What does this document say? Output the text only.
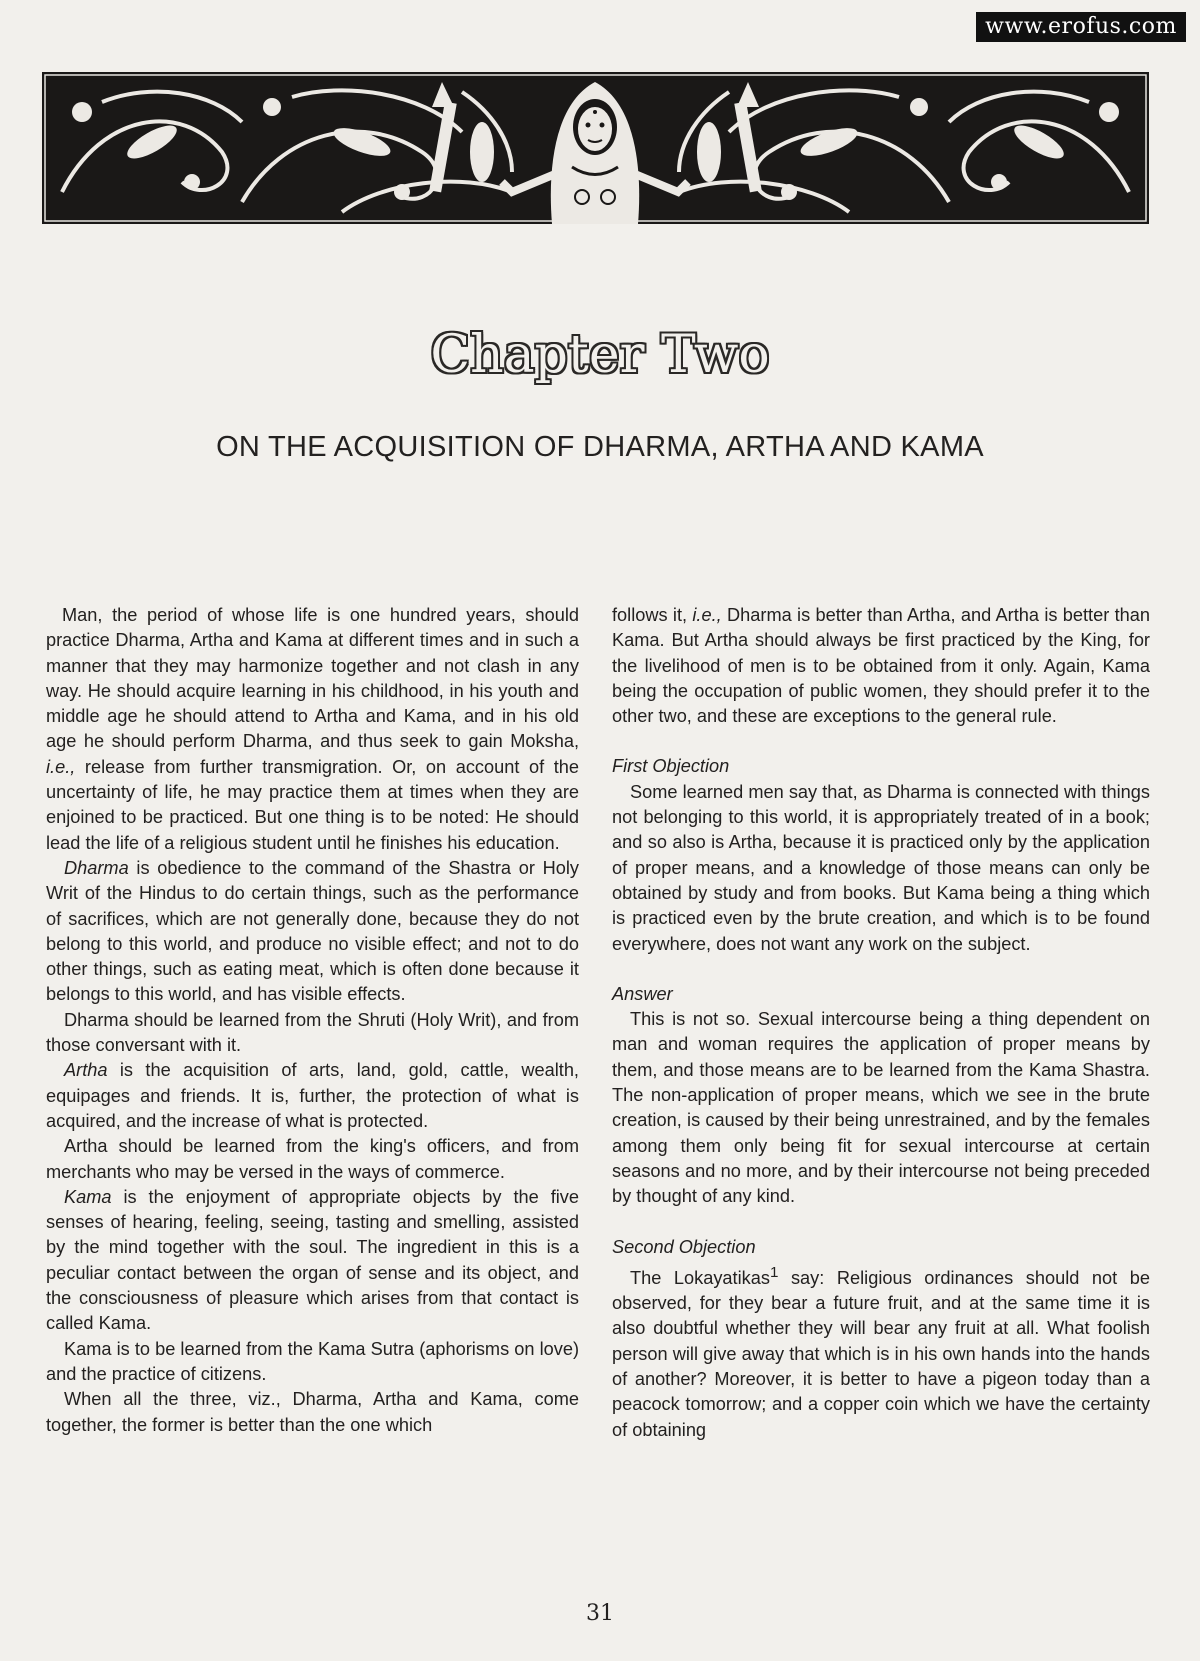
www.erofus.com
Chapter Two
ON THE ACQUISITION OF DHARMA, ARTHA AND KAMA

Man, the period of whose life is one hundred years, should practice Dharma, Artha and Kama at different times and in such a manner that they may harmonize together and not clash in any way. He should acquire learning in his childhood, in his youth and middle age he should attend to Artha and Kama, and in his old age he should perform Dharma, and thus seek to gain Moksha, i.e., release from further transmigration. Or, on account of the uncertainty of life, he may practice them at times when they are enjoined to be practiced. But one thing is to be noted: He should lead the life of a religious student until he finishes his education.

Dharma is obedience to the command of the Shastra or Holy Writ of the Hindus to do certain things, such as the performance of sacrifices, which are not generally done, because they do not belong to this world, and produce no visible effect; and not to do other things, such as eating meat, which is often done because it belongs to this world, and has visible effects.

Dharma should be learned from the Shruti (Holy Writ), and from those conversant with it.

Artha is the acquisition of arts, land, gold, cattle, wealth, equipages and friends. It is, further, the protection of what is acquired, and the increase of what is protected.

Artha should be learned from the king's officers, and from merchants who may be versed in the ways of commerce.

Kama is the enjoyment of appropriate objects by the five senses of hearing, feeling, seeing, tasting and smelling, assisted by the mind together with the soul. The ingredient in this is a peculiar contact between the organ of sense and its object, and the consciousness of pleasure which arises from that contact is called Kama.

Kama is to be learned from the Kama Sutra (aphorisms on love) and the practice of citizens.

When all the three, viz., Dharma, Artha and Kama, come together, the former is better than the one which

follows it, i.e., Dharma is better than Artha, and Artha is better than Kama. But Artha should always be first practiced by the King, for the livelihood of men is to be obtained from it only. Again, Kama being the occupation of public women, they should prefer it to the other two, and these are exceptions to the general rule.

First Objection

Some learned men say that, as Dharma is connected with things not belonging to this world, it is appropriately treated of in a book; and so also is Artha, because it is practiced only by the application of proper means, and a knowledge of those means can only be obtained by study and from books. But Kama being a thing which is practiced even by the brute creation, and which is to be found everywhere, does not want any work on the subject.

Answer

This is not so. Sexual intercourse being a thing dependent on man and woman requires the application of proper means by them, and those means are to be learned from the Kama Shastra. The non-application of proper means, which we see in the brute creation, is caused by their being unrestrained, and by the females among them only being fit for sexual intercourse at certain seasons and no more, and by their intercourse not being preceded by thought of any kind.

Second Objection

The Lokayatikas$^1$ say: Religious ordinances should not be observed, for they bear a future fruit, and at the same time it is also doubtful whether they will bear any fruit at all. What foolish person will give away that which is in his own hands into the hands of another? Moreover, it is better to have a pigeon today than a peacock tomorrow; and a copper coin which we have the certainty of obtaining

31
